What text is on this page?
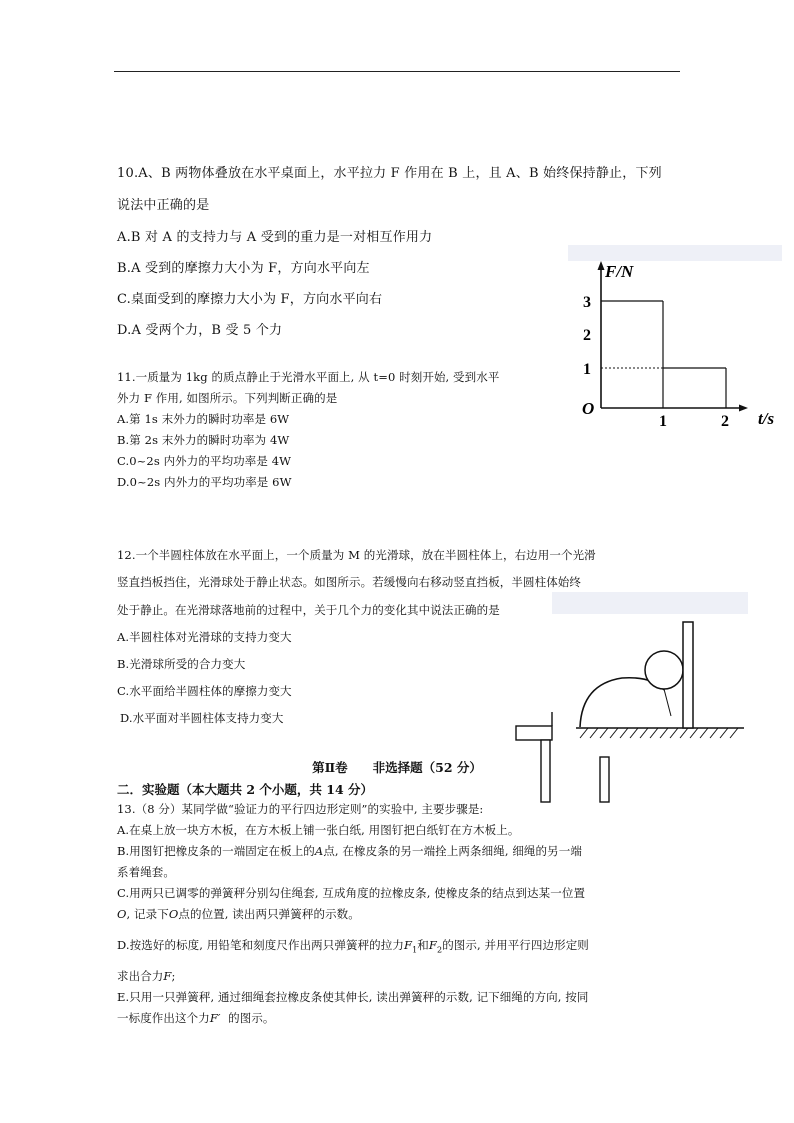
10.A、B 两物体叠放在水平桌面上，水平拉力 F 作用在 B 上，且 A、B 始终保持静止，下列
说法中正确的是
A.B 对 A 的支持力与 A 受到的重力是一对相互作用力
B.A 受到的摩擦力大小为 F，方向水平向左
C.桌面受到的摩擦力大小为 F，方向水平向右
D.A 受两个力，B 受 5 个力
F/N
t/s
O
1
2
3
1	2
11.一质量为 1kg 的质点静止于光滑水平面上, 从 t=0 时刻开始, 受到水平
外力 F 作用, 如图所示。下列判断正确的是
A.第 1s 末外力的瞬时功率是 6W
B.第 2s 末外力的瞬时功率为 4W
C.0~2s 内外力的平均功率是 4W
D.0~2s 内外力的平均功率是 6W
12.一个半圆柱体放在水平面上，一个质量为 M 的光滑球，放在半圆柱体上，右边用一个光滑
竖直挡板挡住，光滑球处于静止状态。如图所示。若缓慢向右移动竖直挡板，半圆柱体始终
处于静止。在光滑球落地前的过程中，关于几个力的变化其中说法正确的是
A.半圆柱体对光滑球的支持力变大
B.光滑球所受的合力变大
C.水平面给半圆柱体的摩擦力变大
D.水平面对半圆柱体支持力变大
第Ⅱ卷　　非选择题（52 分）
二．实验题（本大题共 2 个小题，共 14 分）
13.（8 分）某同学做“验证力的平行四边形定则”的实验中, 主要步骤是:
A.在桌上放一块方木板，在方木板上铺一张白纸, 用图钉把白纸钉在方木板上。
B.用图钉把橡皮条的一端固定在板上的A点, 在橡皮条的另一端拴上两条细绳, 细绳的另一端
系着绳套。
C.用两只已调零的弹簧秤分别勾住绳套, 互成角度的拉橡皮条, 使橡皮条的结点到达某一位置
O, 记录下O点的位置, 读出两只弹簧秤的示数。
D.按选好的标度, 用铅笔和刻度尺作出两只弹簧秤的拉力$F_1$和$F_2$的图示, 并用平行四边形定则
求出合力F;
E.只用一只弹簧秤, 通过细绳套拉橡皮条使其伸长, 读出弹簧秤的示数, 记下细绳的方向, 按同
一标度作出这个力F′ 的图示。
